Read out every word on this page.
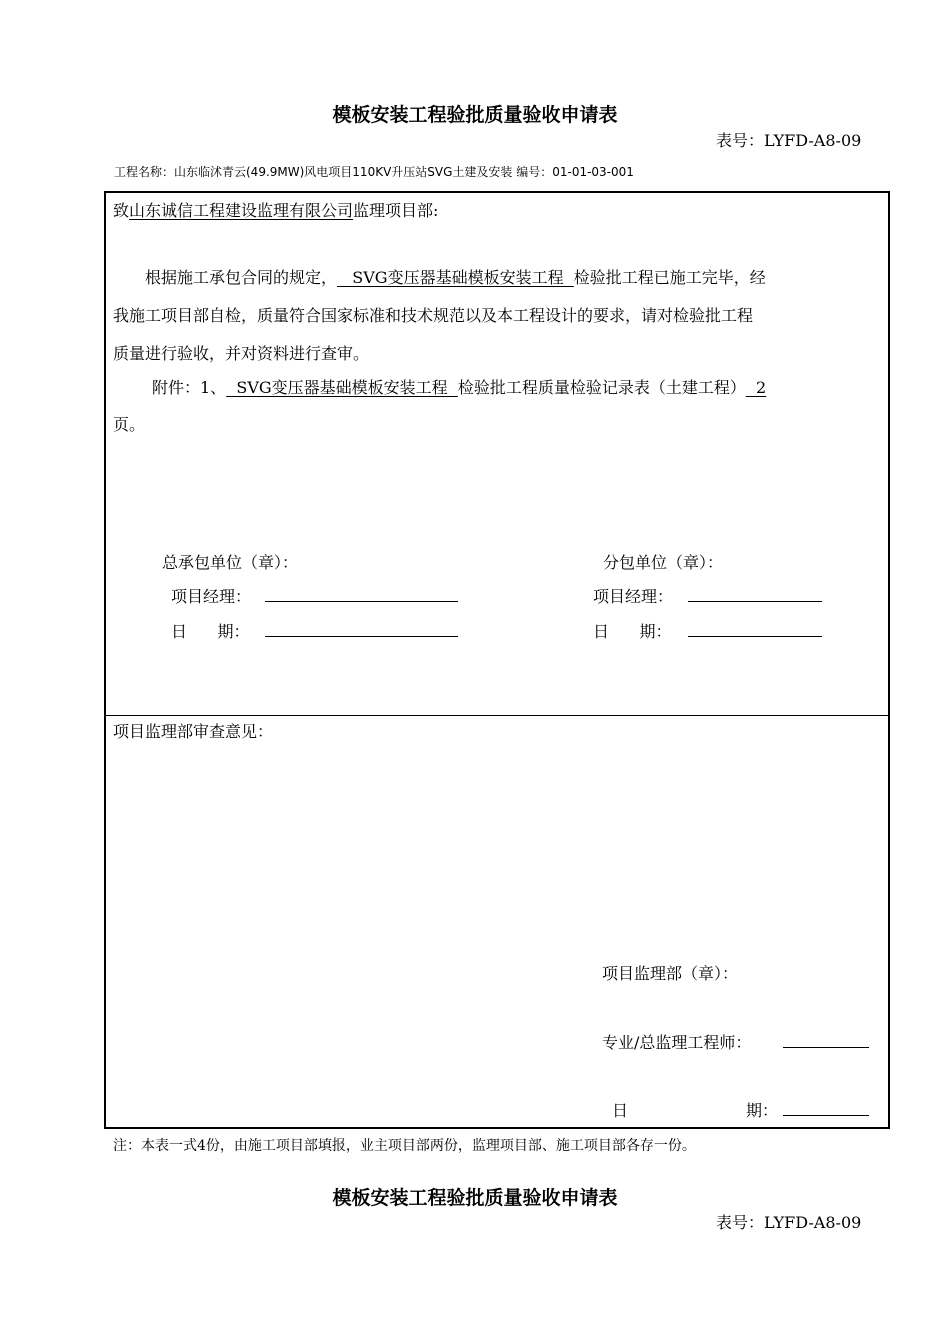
模板安装工程验批质量验收申请表
表号：LYFD-A8-09
工程名称：山东临沭青云(49.9MW)风电项目110KV升压站SVG土建及安装 编号：01-01-03-001
致山东诚信工程建设监理有限公司监理项目部:
根据施工承包合同的规定，   SVG变压器基础模板安装工程  检验批工程已施工完毕，经
我施工项目部自检，质量符合国家标准和技术规范以及本工程设计的要求，请对检验批工程
质量进行验收，并对资料进行查审。
附件：1、  SVG变压器基础模板安装工程  检验批工程质量检验记录表（土建工程）  2
页。
总承包单位（章）：
项目经理：
日      期：
分包单位（章）：
项目经理：
日      期：
项目监理部审查意见：
项目监理部（章）：
专业/总监理工程师：
日	期：
注：本表一式4份，由施工项目部填报，业主项目部两份，监理项目部、施工项目部各存一份。
模板安装工程验批质量验收申请表
表号：LYFD-A8-09
